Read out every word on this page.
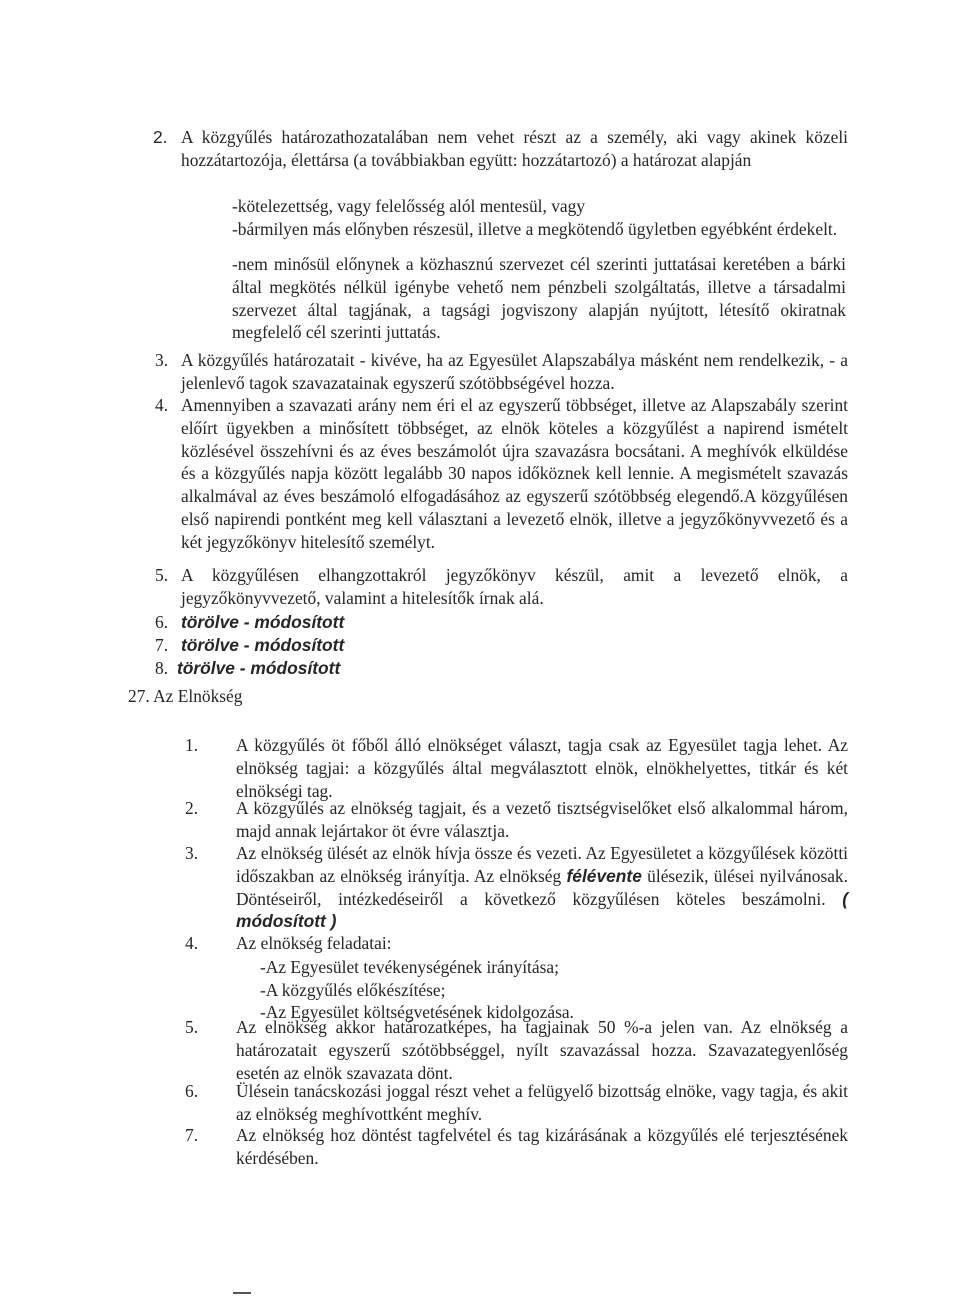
2. A közgyűlés határozathozatalában nem vehet részt az a személy, aki vagy akinek közeli hozzátartozója, élettársa (a továbbiakban együtt: hozzátartozó) a határozat alapján
-kötelezettség, vagy felelősség alól mentesül, vagy
-bármilyen más előnyben részesül, illetve a megkötendő ügyletben egyébként érdekelt.
-nem minősül előnynek a közhasznú szervezet cél szerinti juttatásai keretében a bárki által megkötés nélkül igénybe vehető nem pénzbeli szolgáltatás, illetve a társadalmi szervezet által tagjának, a tagsági jogviszony alapján nyújtott, létesítő okiratnak megfelelő cél szerinti juttatás.
3. A közgyűlés határozatait - kivéve, ha az Egyesület Alapszabálya másként nem rendelkezik, - a jelenlevő tagok szavazatainak egyszerű szótöbbségével hozza.
4. Amennyiben a szavazati arány nem éri el az egyszerű többséget, illetve az Alapszabály szerint előírt ügyekben a minősített többséget, az elnök köteles a közgyűlést a napirend ismételt közlésével összehívni és az éves beszámolót újra szavazásra bocsátani. A meghívók elküldése és a közgyűlés napja között legalább 30 napos időköznek kell lennie. A megismételt szavazás alkalmával az éves beszámoló elfogadásához az egyszerű szótöbbség elegendő.A közgyűlésen első napirendi pontként meg kell választani a levezető elnök, illetve a jegyzőkönyvvezető és a két jegyzőkönyv hitelesítő személyt.
5. A közgyűlésen elhangzottakról jegyzőkönyv készül, amit a levezető elnök, a jegyzőkönyvvezető, valamint a hitelesítők írnak alá.
6. törölve - módosított
7. törölve - módosított
8. törölve - módosított
27. Az Elnökség
1.	A közgyűlés öt főből álló elnökséget választ, tagja csak az Egyesület tagja lehet. Az elnökség tagjai: a közgyűlés által megválasztott elnök, elnökhelyettes, titkár és két elnökségi tag.
2.	A közgyűlés az elnökség tagjait, és a vezető tisztségviselőket első alkalommal három, majd annak lejártakor öt évre választja.
3.	Az elnökség ülését az elnök hívja össze és vezeti. Az Egyesületet a közgyűlések közötti időszakban az elnökség irányítja. Az elnökség félévente ülésezik, ülései nyilvánosak. Döntéseiről, intézkedéseiről a következő közgyűlésen köteles beszámolni. ( módosított )
4.	Az elnökség feladatai:
-Az Egyesület tevékenységének irányítása;
-A közgyűlés előkészítése;
-Az Egyesület költségvetésének kidolgozása.
5.	Az elnökség akkor határozatképes, ha tagjainak 50 %-a jelen van. Az elnökség a határozatait egyszerű szótöbbséggel, nyílt szavazással hozza. Szavazategyenlőség esetén az elnök szavazata dönt.
6.	Ülésein tanácskozási joggal részt vehet a felügyelő bizottság elnöke, vagy tagja, és akit az elnökség meghívottként meghív.
7.	Az elnökség hoz döntést tagfelvétel és tag kizárásának a közgyűlés elé terjesztésének kérdésében.
